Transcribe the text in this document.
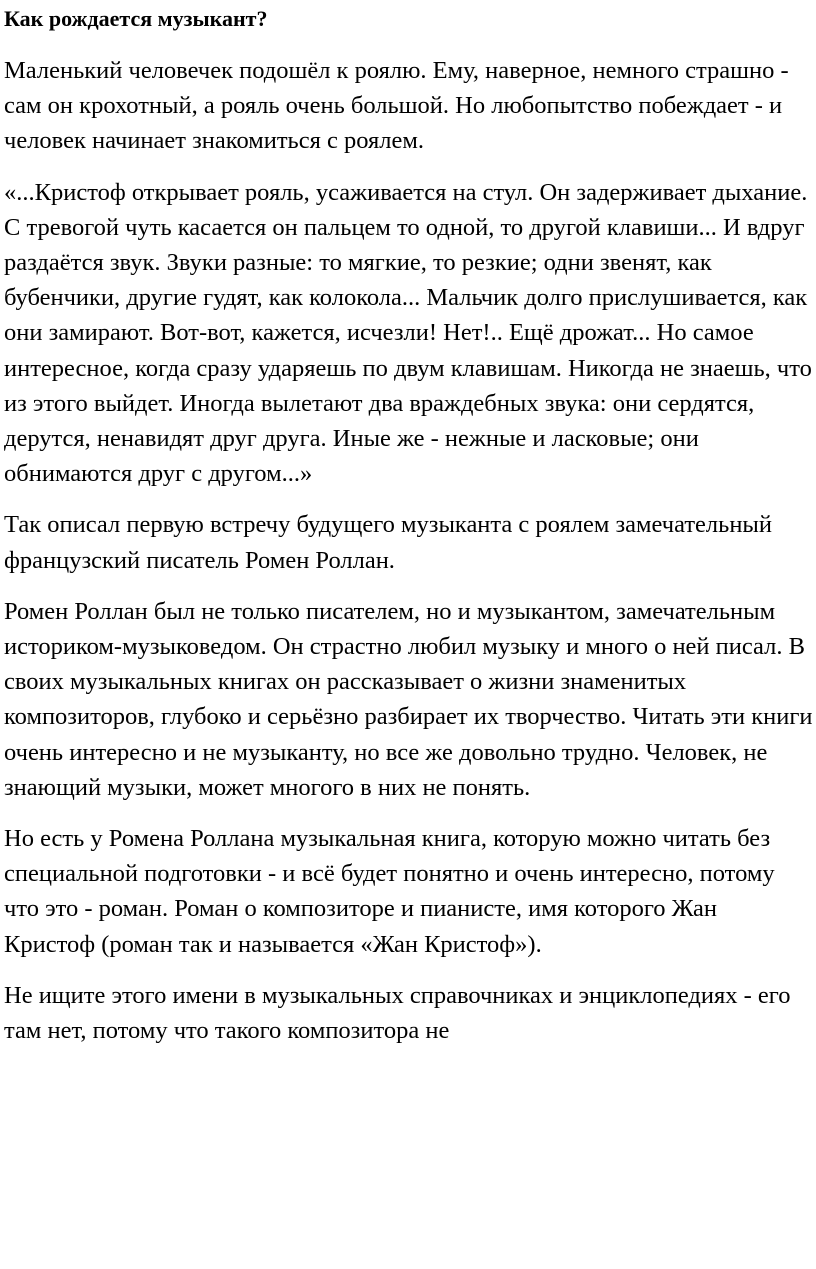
Как рождается музыкант?

Маленький человечек подошёл к роялю. Ему, наверное, немного страшно - сам он крохотный, а рояль очень большой. Но любопытство побеждает - и человек начинает знакомиться с роялем.

«...Кристоф открывает рояль, усаживается на стул. Он задерживает дыхание. С тревогой чуть касается он пальцем то одной, то другой клавиши... И вдруг раздаётся звук. Звуки разные: то мягкие, то резкие; одни звенят, как бубенчики, другие гудят, как колокола... Мальчик долго прислушивается, как они замирают. Вот-вот, кажется, исчезли! Нет!.. Ещё дрожат... Но самое интересное, когда сразу ударяешь по двум клавишам. Никогда не знаешь, что из этого выйдет. Иногда вылетают два враждебных звука: они сердятся, дерутся, ненавидят друг друга. Иные же - нежные и ласковые; они обнимаются друг с другом...»

Так описал первую встречу будущего музыканта с роялем замечательный французский писатель Ромен Роллан.

Ромен Роллан был не только писателем, но и музыкантом, замечательным историком-музыковедом. Он страстно любил музыку и много о ней писал. В своих музыкальных книгах он рассказывает о жизни знаменитых композиторов, глубоко и серьёзно разбирает их творчество. Читать эти книги очень интересно и не музыканту, но все же довольно трудно. Человек, не знающий музыки, может многого в них не понять.

Но есть у Ромена Роллана музыкальная книга, которую можно читать без специальной подготовки - и всё будет понятно и очень интересно, потому что это - роман. Роман о композиторе и пианисте, имя которого Жан Кристоф (роман так и называется «Жан Кристоф»).

Не ищите этого имени в музыкальных справочниках и энциклопедиях - его там нет, потому что такого композитора не
